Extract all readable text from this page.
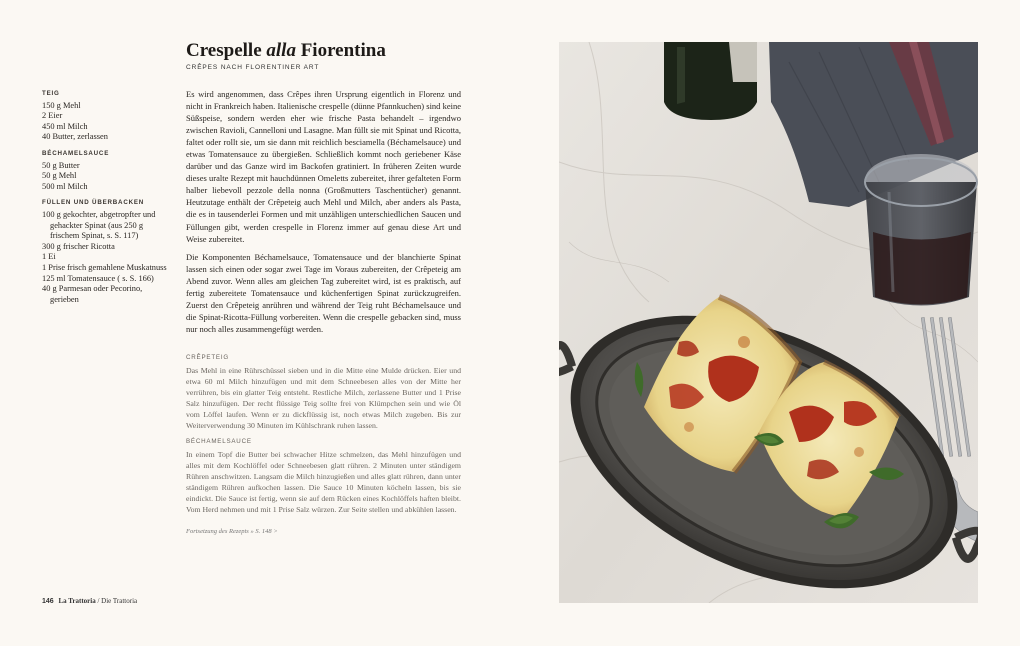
Crespelle alla Fiorentina
CRÊPES NACH FLORENTINER ART
TEIG
150 g Mehl
2 Eier
450 ml Milch
40 Butter, zerlassen
BÉCHAMELSAUCE
50 g Butter
50 g Mehl
500 ml Milch
FÜLLEN UND ÜBERBACKEN
100 g gekochter, abgetropfter und
gehackter Spinat (aus 250 g
frischem Spinat, s. S. 117)
300 g frischer Ricotta
1 Ei
1 Prise frisch gemahlene Muskatnuss
125 ml Tomatensauce ( s. S. 166)
40 g Parmesan oder Pecorino,
gerieben

Es wird angenommen, dass Crêpes ihren Ursprung eigentlich in Florenz und nicht in Frankreich haben. Italienische crespelle (dünne Pfannkuchen) sind keine Süßspeise, sondern werden eher wie frische Pasta behandelt – irgendwo zwischen Ravioli, Cannelloni und Lasagne. Man füllt sie mit Spinat und Ricotta, faltet oder rollt sie, um sie dann mit reichlich besciamella (Béchamelsauce) und etwas Tomatensauce zu übergießen. Schließlich kommt noch geriebener Käse darüber und das Ganze wird im Backofen gratiniert. In früheren Zeiten wurde dieses uralte Rezept mit hauchdünnen Omeletts zubereitet, ihrer gefalteten Form halber liebevoll pezzole della nonna (Großmutters Taschentücher) genannt. Heutzutage enthält der Crêpeteig auch Mehl und Milch, aber anders als Pasta, die es in tausenderlei Formen und mit unzähligen unterschiedlichen Saucen und Füllungen gibt, werden crespelle in Florenz immer auf genau diese Art und Weise zubereitet.

Die Komponenten Béchamelsauce, Tomatensauce und der blanchierte Spinat lassen sich einen oder sogar zwei Tage im Voraus zubereiten, der Crêpeteig am Abend zuvor. Wenn alles am gleichen Tag zubereitet wird, ist es praktisch, auf fertig zubereitete Tomatensauce und küchenfertigen Spinat zurückzugreifen. Zuerst den Crêpeteig anrühren und während der Teig ruht Béchamelsauce und die Spinat-Ricotta-Füllung vorbereiten. Wenn die crespelle gebacken sind, muss nur noch alles zusammengefügt werden.

CRÊPETEIG

Das Mehl in eine Rührschüssel sieben und in die Mitte eine Mulde drücken. Eier und etwa 60 ml Milch hinzufügen und mit dem Schneebesen alles von der Mitte her verrühren, bis ein glatter Teig entsteht. Restliche Milch, zerlassene Butter und 1 Prise Salz hinzufügen. Der recht flüssige Teig sollte frei von Klümpchen sein und wie Öl vom Löffel laufen. Wenn er zu dickflüssig ist, noch etwas Milch zugeben. Bis zur Weiterverwendung 30 Minuten im Kühlschrank ruhen lassen.

BÉCHAMELSAUCE

In einem Topf die Butter bei schwacher Hitze schmelzen, das Mehl hinzufügen und alles mit dem Kochlöffel oder Schneebesen glatt rühren. 2 Minuten unter ständigem Rühren anschwitzen. Langsam die Milch hinzugießen und alles glatt rühren, dann unter ständigem Rühren aufkochen lassen. Die Sauce 10 Minuten köcheln lassen, bis sie eindickt. Die Sauce ist fertig, wenn sie auf dem Rücken eines Kochlöffels haften bleibt. Vom Herd nehmen und mit 1 Prise Salz würzen. Zur Seite stellen und abkühlen lassen.

Fortsetzung des Rezepts » S. 148 >
146 La Trattoria / Die Trattoria
